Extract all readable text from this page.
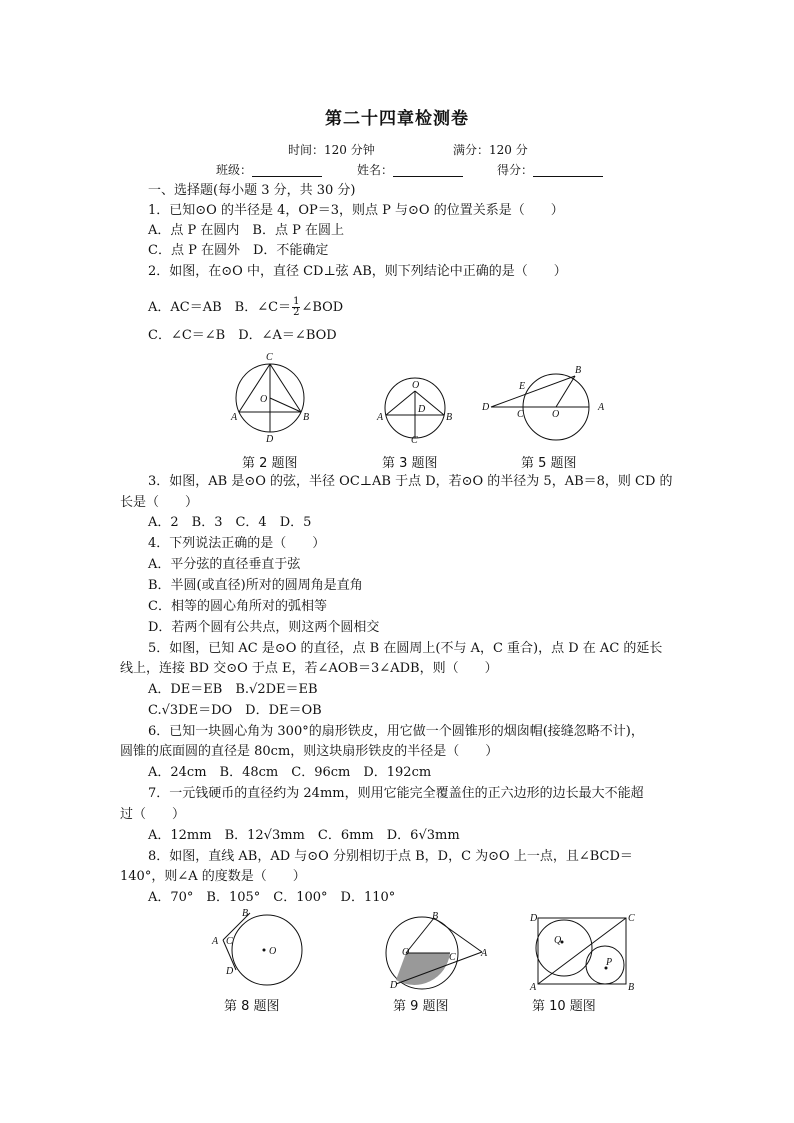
第二十四章检测卷
时间：120 分钟	满分：120 分
班级：	姓名：	得分：
一、选择题(每小题 3 分，共 30 分)
1．已知⊙O 的半径是 4，OP＝3，则点 P 与⊙O 的位置关系是（　　）
A．点 P 在圆内　B．点 P 在圆上
C．点 P 在圆外　D．不能确定
2．如图，在⊙O 中，直径 CD⊥弦 AB，则下列结论中正确的是（　　）
A．AC＝AB　B．∠C＝ $\frac{1}{2}$ ∠BOD
C．∠C＝∠B　D．∠A＝∠BOD
C
O
A	B
D
O
D
A	B
C
D
E
B
C	O
A
第 2 题图	第 3 题图	第 5 题图
3．如图，AB 是⊙O 的弦，半径 OC⊥AB 于点 D，若⊙O 的半径为 5，AB＝8，则 CD 的
长是（　　）
A．2　B．3　C．4　D．5
4．下列说法正确的是（　　）
A．平分弦的直径垂直于弦
B．半圆(或直径)所对的圆周角是直角
C．相等的圆心角所对的弧相等
D．若两个圆有公共点，则这两个圆相交
5．如图，已知 AC 是⊙O 的直径，点 B 在圆周上(不与 A，C 重合)，点 D 在 AC 的延长
线上，连接 BD 交⊙O 于点 E，若∠AOB＝3∠ADB，则（　　）
A．DE＝EB　B.√2DE＝EB
C.√3DE＝DO　D．DE＝OB
6．已知一块圆心角为 300°的扇形铁皮，用它做一个圆锥形的烟囱帽(接缝忽略不计)，
圆锥的底面圆的直径是 80cm，则这块扇形铁皮的半径是（　　）
A．24cm　B．48cm　C．96cm　D．192cm
7．一元钱硬币的直径约为 24mm，则用它能完全覆盖住的正六边形的边长最大不能超
过（　　）
A．12mm　B．12√3mm　C．6mm　D．6√3mm
8．如图，直线 AB，AD 与⊙O 分别相切于点 B，D，C 为⊙O 上一点，且∠BCD＝
140°，则∠A 的度数是（　　）
A．70°　B．105°　C．100°　D．110°
O
B
A C
D
B
O	C	A
D
Q
P
D	C
A	B
第 8 题图	第 9 题图	第 10 题图
